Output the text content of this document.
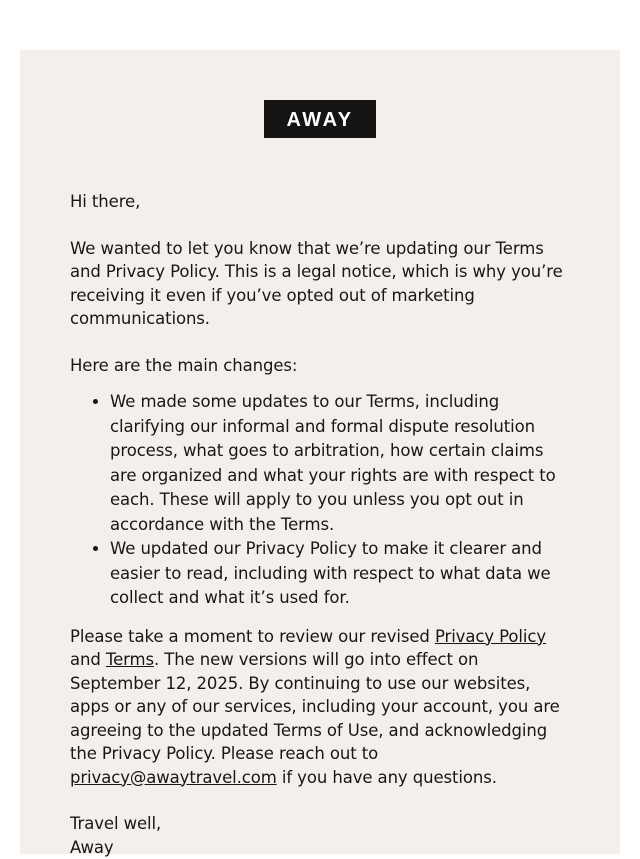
AWAY

Hi there,

We wanted to let you know that we’re updating our Terms and Privacy Policy. This is a legal notice, which is why you’re receiving it even if you’ve opted out of marketing communications.

Here are the main changes:

• We made some updates to our Terms, including clarifying our informal and formal dispute resolution process, what goes to arbitration, how certain claims are organized and what your rights are with respect to each. These will apply to you unless you opt out in accordance with the Terms.
• We updated our Privacy Policy to make it clearer and easier to read, including with respect to what data we collect and what it’s used for.

Please take a moment to review our revised Privacy Policy and Terms. The new versions will go into effect on September 12, 2025. By continuing to use our websites, apps or any of our services, including your account, you are agreeing to the updated Terms of Use, and acknowledging the Privacy Policy. Please reach out to privacy@awaytravel.com if you have any questions.

Travel well,

Away
